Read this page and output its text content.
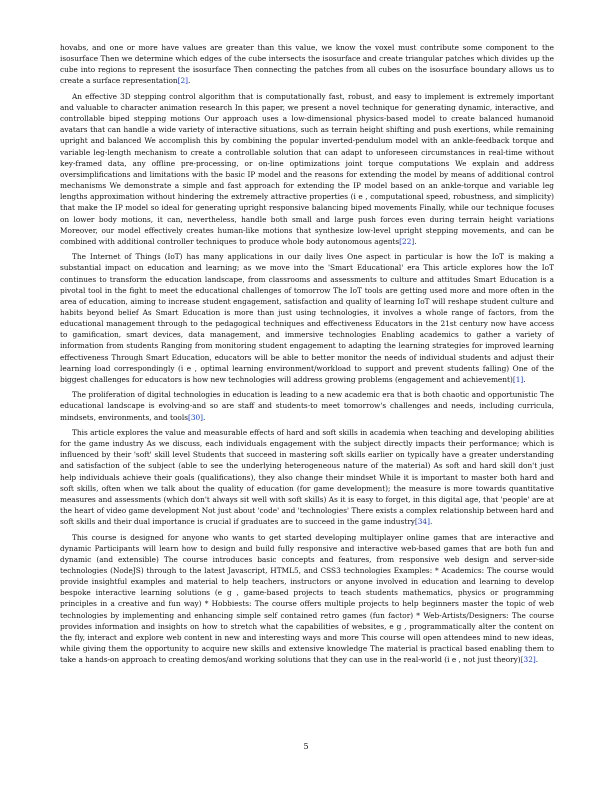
hovabs, and one or more have values are greater than this value, we know the voxel must contribute some component to the isosurface Then we determine which edges of the cube intersects the isosurface and create triangular patches which divides up the cube into regions to represent the isosurface Then connecting the patches from all cubes on the isosurface boundary allows us to create a surface representation[2].

An effective 3D stepping control algorithm that is computationally fast, robust, and easy to implement is extremely important and valuable to character animation research In this paper, we present a novel technique for generating dynamic, interactive, and controllable biped stepping motions Our approach uses a low-dimensional physics-based model to create balanced humanoid avatars that can handle a wide variety of interactive situations, such as terrain height shifting and push exertions, while remaining upright and balanced We accomplish this by combining the popular inverted-pendulum model with an ankle-feedback torque and variable leg-length mechanism to create a controllable solution that can adapt to unforeseen circumstances in real-time without key-framed data, any offline pre-processing, or on-line optimizations joint torque computations We explain and address oversimplifications and limitations with the basic IP model and the reasons for extending the model by means of additional control mechanisms We demonstrate a simple and fast approach for extending the IP model based on an ankle-torque and variable leg lengths approximation without hindering the extremely attractive properties (i e , computational speed, robustness, and simplicity) that make the IP model so ideal for generating upright responsive balancing biped movements Finally, while our technique focuses on lower body motions, it can, nevertheless, handle both small and large push forces even during terrain height variations Moreover, our model effectively creates human-like motions that synthesize low-level upright stepping movements, and can be combined with additional controller techniques to produce whole body autonomous agents[22].

The Internet of Things (IoT) has many applications in our daily lives One aspect in particular is how the IoT is making a substantial impact on education and learning; as we move into the 'Smart Educational' era This article explores how the IoT continues to transform the education landscape, from classrooms and assessments to culture and attitudes Smart Education is a pivotal tool in the fight to meet the educational challenges of tomorrow The IoT tools are getting used more and more often in the area of education, aiming to increase student engagement, satisfaction and quality of learning IoT will reshape student culture and habits beyond belief As Smart Education is more than just using technologies, it involves a whole range of factors, from the educational management through to the pedagogical techniques and effectiveness Educators in the 21st century now have access to gamification, smart devices, data management, and immersive technologies Enabling academics to gather a variety of information from students Ranging from monitoring student engagement to adapting the learning strategies for improved learning effectiveness Through Smart Education, educators will be able to better monitor the needs of individual students and adjust their learning load correspondingly (i e , optimal learning environment/workload to support and prevent students falling) One of the biggest challenges for educators is how new technologies will address growing problems (engagement and achievement)[1].

The proliferation of digital technologies in education is leading to a new academic era that is both chaotic and opportunistic The educational landscape is evolving-and so are staff and students-to meet tomorrow's challenges and needs, including curricula, mindsets, environments, and tools[30].

This article explores the value and measurable effects of hard and soft skills in academia when teaching and developing abilities for the game industry As we discuss, each individuals engagement with the subject directly impacts their performance; which is influenced by their 'soft' skill level Students that succeed in mastering soft skills earlier on typically have a greater understanding and satisfaction of the subject (able to see the underlying heterogeneous nature of the material) As soft and hard skill don't just help individuals achieve their goals (qualifications), they also change their mindset While it is important to master both hard and soft skills, often when we talk about the quality of education (for game development); the measure is more towards quantitative measures and assessments (which don't always sit well with soft skills) As it is easy to forget, in this digital age, that 'people' are at the heart of video game development Not just about 'code' and 'technologies' There exists a complex relationship between hard and soft skills and their dual importance is crucial if graduates are to succeed in the game industry[34].

This course is designed for anyone who wants to get started developing multiplayer online games that are interactive and dynamic Participants will learn how to design and build fully responsive and interactive web-based games that are both fun and dynamic (and extensible) The course introduces basic concepts and features, from responsive web design and server-side technologies (NodeJS) through to the latest Javascript, HTML5, and CSS3 technologies Examples: * Academics: The course would provide insightful examples and material to help teachers, instructors or anyone involved in education and learning to develop bespoke interactive learning solutions (e g , game-based projects to teach students mathematics, physics or programming principles in a creative and fun way) * Hobbiests: The course offers multiple projects to help beginners master the topic of web technologies by implementing and enhancing simple self contained retro games (fun factor) * Web-Artists/Designers: The course provides information and insights on how to stretch what the capabilities of websites, e g , programmatically alter the content on the fly, interact and explore web content in new and interesting ways and more This course will open attendees mind to new ideas, while giving them the opportunity to acquire new skills and extensive knowledge The material is practical based enabling them to take a hands-on approach to creating demos/and working solutions that they can use in the real-world (i e , not just theory)[32].

5
